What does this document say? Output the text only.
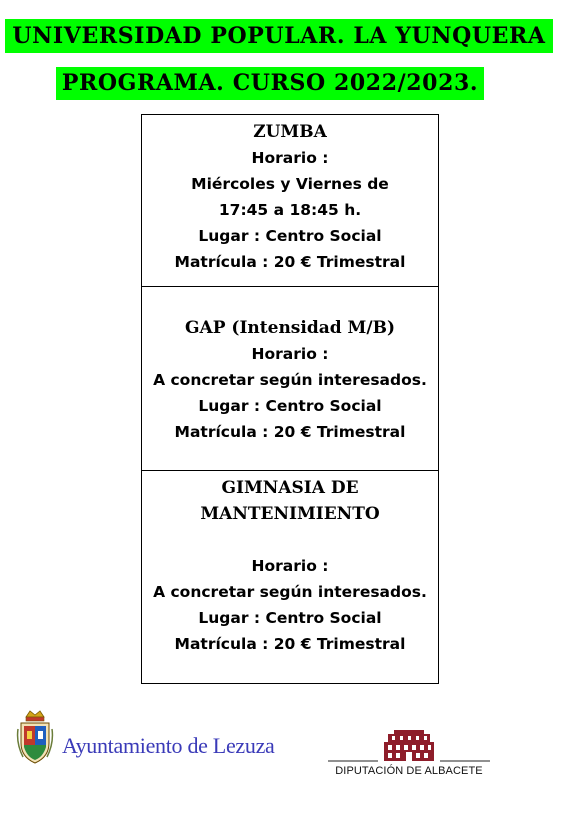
UNIVERSIDAD POPULAR. LA YUNQUERA
PROGRAMA. CURSO 2022/2023.

ZUMBA

Horario :

Miércoles y Viernes de

17:45 a 18:45 h.

Lugar : Centro Social

Matrícula : 20 € Trimestral

GAP (Intensidad M/B)

Horario :

A concretar según interesados.

Lugar : Centro Social

Matrícula : 20 € Trimestral

GIMNASIA DE

MANTENIMIENTO

Horario :

A concretar según interesados.

Lugar : Centro Social

Matrícula : 20 € Trimestral

Ayuntamiento de Lezuza
DIPUTACIÓN DE ALBACETE
